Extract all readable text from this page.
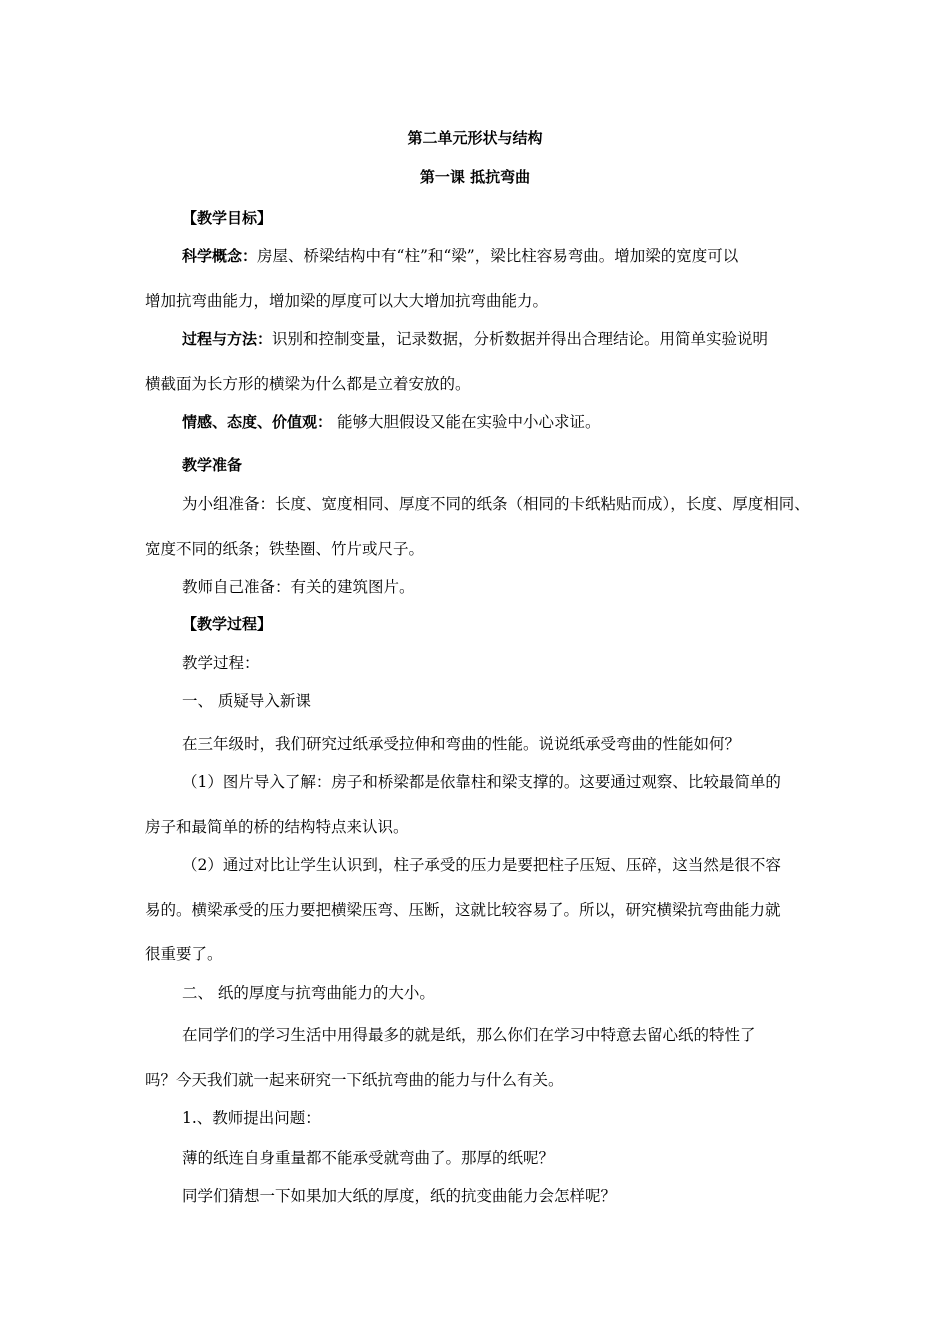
第二单元形状与结构
第一课 抵抗弯曲
【教学目标】
科学概念：房屋、桥梁结构中有“柱”和“梁”，梁比柱容易弯曲。增加梁的宽度可以
增加抗弯曲能力，增加梁的厚度可以大大增加抗弯曲能力。
过程与方法：识别和控制变量，记录数据，分析数据并得出合理结论。用简单实验说明
横截面为长方形的横梁为什么都是立着安放的。
情感、态度、价值观： 能够大胆假设又能在实验中小心求证。
教学准备
为小组准备：长度、宽度相同、厚度不同的纸条（相同的卡纸粘贴而成），长度、厚度相同、
宽度不同的纸条；铁垫圈、竹片或尺子。
教师自己准备：有关的建筑图片。
【教学过程】
教学过程：
一、 质疑导入新课
在三年级时，我们研究过纸承受拉伸和弯曲的性能。说说纸承受弯曲的性能如何？
（1）图片导入了解：房子和桥梁都是依靠柱和梁支撑的。这要通过观察、比较最简单的
房子和最简单的桥的结构特点来认识。
（2）通过对比让学生认识到，柱子承受的压力是要把柱子压短、压碎，这当然是很不容
易的。横梁承受的压力要把横梁压弯、压断，这就比较容易了。所以，研究横梁抗弯曲能力就
很重要了。
二、 纸的厚度与抗弯曲能力的大小。
在同学们的学习生活中用得最多的就是纸，那么你们在学习中特意去留心纸的特性了
吗？今天我们就一起来研究一下纸抗弯曲的能力与什么有关。
1.、教师提出问题：
薄的纸连自身重量都不能承受就弯曲了。那厚的纸呢？
同学们猜想一下如果加大纸的厚度，纸的抗变曲能力会怎样呢？
